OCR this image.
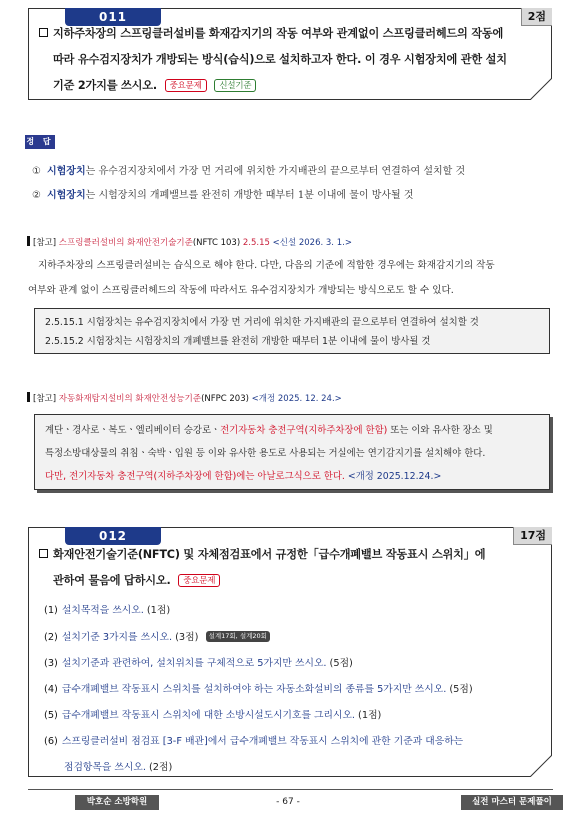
011	2점
지하주차장의 스프링클러설비를 화재감지기의 작동 여부와 관계없이 스프링클러헤드의 작동에
따라 유수검지장치가 개방되는 방식(습식)으로 설치하고자 한다. 이 경우 시험장치에 관한 설치
기준 2가지를 쓰시오. 중요문제 신설기준
정 답
① 시험장치는 유수검지장치에서 가장 먼 거리에 위치한 가지배관의 끝으로부터 연결하여 설치할 것
② 시험장치는 시험장치의 개폐밸브를 완전히 개방한 때부터 1분 이내에 물이 방사될 것
[참고] 스프링클러설비의 화재안전기술기준(NFTC 103) 2.5.15 <신설 2026. 3. 1.>
지하주차장의 스프링클러설비는 습식으로 해야 한다. 다만, 다음의 기준에 적합한 경우에는 화재감지기의 작동
여부와 관계 없이 스프링클러헤드의 작동에 따라서도 유수검지장치가 개방되는 방식으로도 할 수 있다.
2.5.15.1 시험장치는 유수검지장치에서 가장 먼 거리에 위치한 가지배관의 끝으로부터 연결하여 설치할 것
2.5.15.2 시험장치는 시험장치의 개폐밸브를 완전히 개방한 때부터 1분 이내에 물이 방사될 것
[참고] 자동화재탐지설비의 화재안전성능기준(NFPC 203) <개정 2025. 12. 24.>
계단ㆍ경사로ㆍ복도ㆍ엘리베이터 승강로ㆍ전기자동차 충전구역(지하주차장에 한함) 또는 이와 유사한 장소 및
특정소방대상물의 취침ㆍ숙박ㆍ입원 등 이와 유사한 용도로 사용되는 거실에는 연기감지기를 설치해야 한다.
다만, 전기자동차 충전구역(지하주차장에 한함)에는 아날로그식으로 한다. <개정 2025.12.24.>
012	17점
화재안전기술기준(NFTC) 및 자체점검표에서 규정한「급수개폐밸브 작동표시 스위치」에
관하여 물음에 답하시오. 중요문제
(1) 설치목적을 쓰시오. (1점)
(2) 설치기준 3가지를 쓰시오. (3점) 설계17회, 설계20회
(3) 설치기준과 관련하여, 설치위치를 구체적으로 5가지만 쓰시오. (5점)
(4) 급수개폐밸브 작동표시 스위치를 설치하여야 하는 자동소화설비의 종류를 5가지만 쓰시오. (5점)
(5) 급수개폐밸브 작동표시 스위치에 대한 소방시설도시기호를 그리시오. (1점)
(6) 스프링클러설비 점검표 [3-F 배관]에서 급수개폐밸브 작동표시 스위치에 관한 기준과 대응하는
점검항목을 쓰시오. (2점)
박호순 소방학원	- 67 -	실전 마스터 문제풀이
